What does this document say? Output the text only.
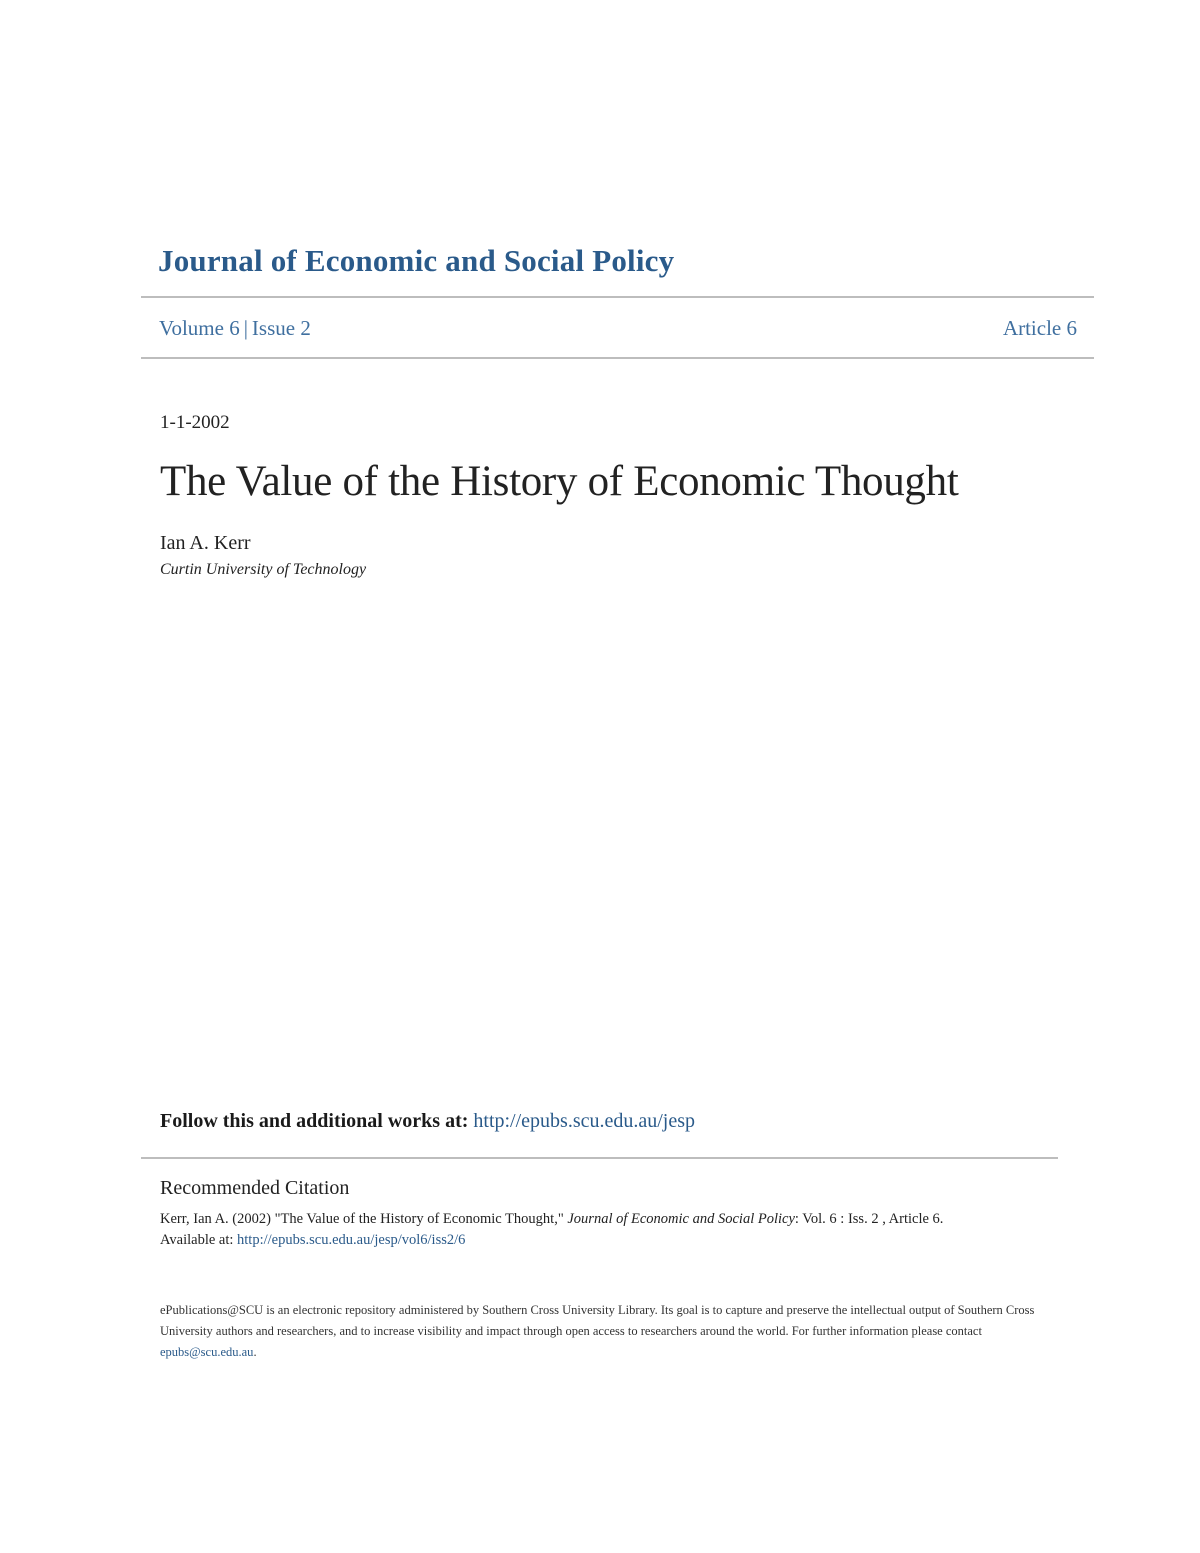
Journal of Economic and Social Policy
Volume 6 | Issue 2	Article 6
1-1-2002
The Value of the History of Economic Thought
Ian A. Kerr
Curtin University of Technology
Follow this and additional works at: http://epubs.scu.edu.au/jesp
Recommended Citation
Kerr, Ian A. (2002) "The Value of the History of Economic Thought," Journal of Economic and Social Policy: Vol. 6 : Iss. 2 , Article 6.
Available at: http://epubs.scu.edu.au/jesp/vol6/iss2/6
ePublications@SCU is an electronic repository administered by Southern Cross University Library. Its goal is to capture and preserve the intellectual output of Southern Cross University authors and researchers, and to increase visibility and impact through open access to researchers around the world. For further information please contact epubs@scu.edu.au.
